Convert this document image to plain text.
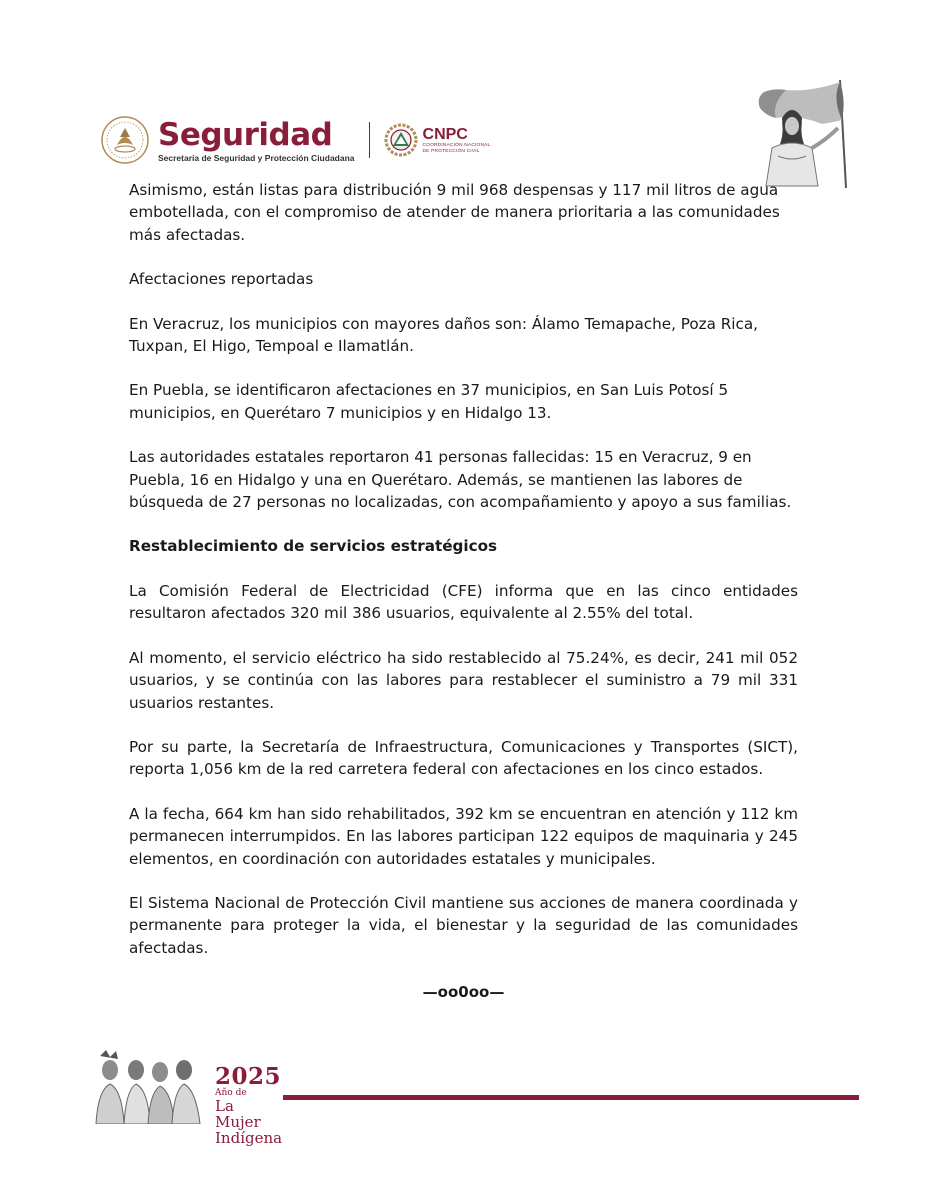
Seguridad
Secretaría de Seguridad y Protección Ciudadana
CNPC
COORDINACIÓN NACIONAL
DE PROTECCIÓN CIVIL

Asimismo, están listas para distribución 9 mil 968 despensas y 117 mil litros de agua embotellada, con el compromiso de atender de manera prioritaria a las comunidades más afectadas.

Afectaciones reportadas

En Veracruz, los municipios con mayores daños son: Álamo Temapache, Poza Rica, Tuxpan, El Higo, Tempoal e Ilamatlán.

En Puebla, se identificaron afectaciones en 37 municipios, en San Luis Potosí 5 municipios, en Querétaro 7 municipios y en Hidalgo 13.

Las autoridades estatales reportaron 41 personas fallecidas: 15 en Veracruz, 9 en Puebla, 16 en Hidalgo y una en Querétaro. Además, se mantienen las labores de búsqueda de 27 personas no localizadas, con acompañamiento y apoyo a sus familias.

Restablecimiento de servicios estratégicos

La Comisión Federal de Electricidad (CFE) informa que en las cinco entidades resultaron afectados 320 mil 386 usuarios, equivalente al 2.55% del total.

Al momento, el servicio eléctrico ha sido restablecido al 75.24%, es decir, 241 mil 052 usuarios, y se continúa con las labores para restablecer el suministro a 79 mil 331 usuarios restantes.

Por su parte, la Secretaría de Infraestructura, Comunicaciones y Transportes (SICT), reporta 1,056 km de la red carretera federal con afectaciones en los cinco estados.

A la fecha, 664 km han sido rehabilitados, 392 km se encuentran en atención y 112 km permanecen interrumpidos. En las labores participan 122 equipos de maquinaria y 245 elementos, en coordinación con autoridades estatales y municipales.

El Sistema Nacional de Protección Civil mantiene sus acciones de manera coordinada y permanente para proteger la vida, el bienestar y la seguridad de las comunidades afectadas.

—oo0oo—
2025
Año de
La Mujer
Indígena
